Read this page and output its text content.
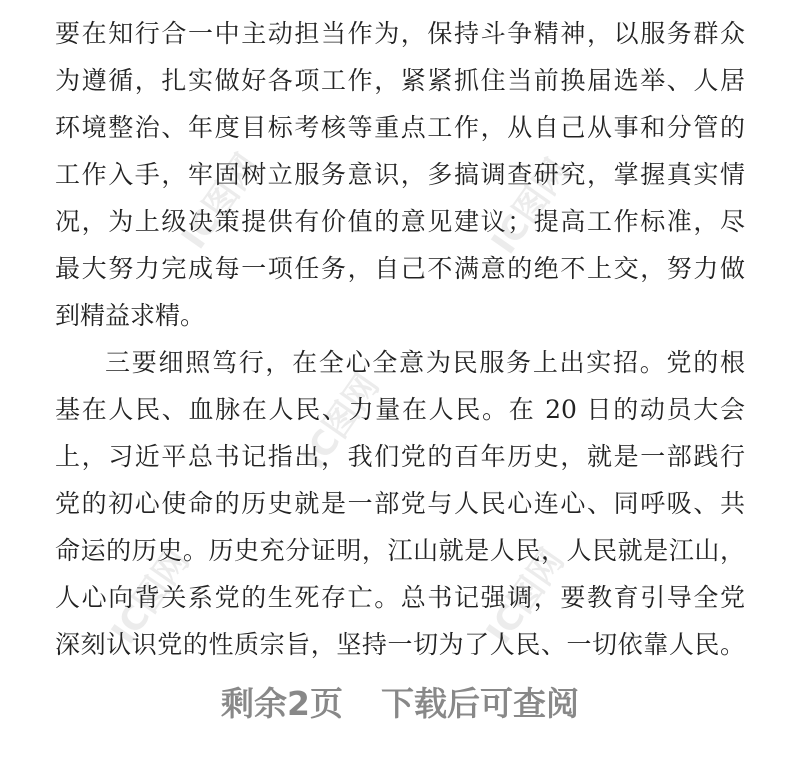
IC图网	IC图网
IC图网
IC图网	IC图网
要在知行合一中主动担当作为，保持斗争精神，以服务群众
为遵循，扎实做好各项工作，紧紧抓住当前换届选举、人居
环境整治、年度目标考核等重点工作，从自己从事和分管的
工作入手，牢固树立服务意识，多搞调查研究，掌握真实情
况，为上级决策提供有价值的意见建议；提高工作标准，尽
最大努力完成每一项任务，自己不满意的绝不上交，努力做
到精益求精。
三要细照笃行，在全心全意为民服务上出实招。党的根
基在人民、血脉在人民、力量在人民。在 20 日的动员大会
上，习近平总书记指出，我们党的百年历史，就是一部践行
党的初心使命的历史就是一部党与人民心连心、同呼吸、共
命运的历史。历史充分证明，江山就是人民，人民就是江山，
人心向背关系党的生死存亡。总书记强调，要教育引导全党
深刻认识党的性质宗旨，坚持一切为了人民、一切依靠人民。
剩余2页 下载后可查阅
